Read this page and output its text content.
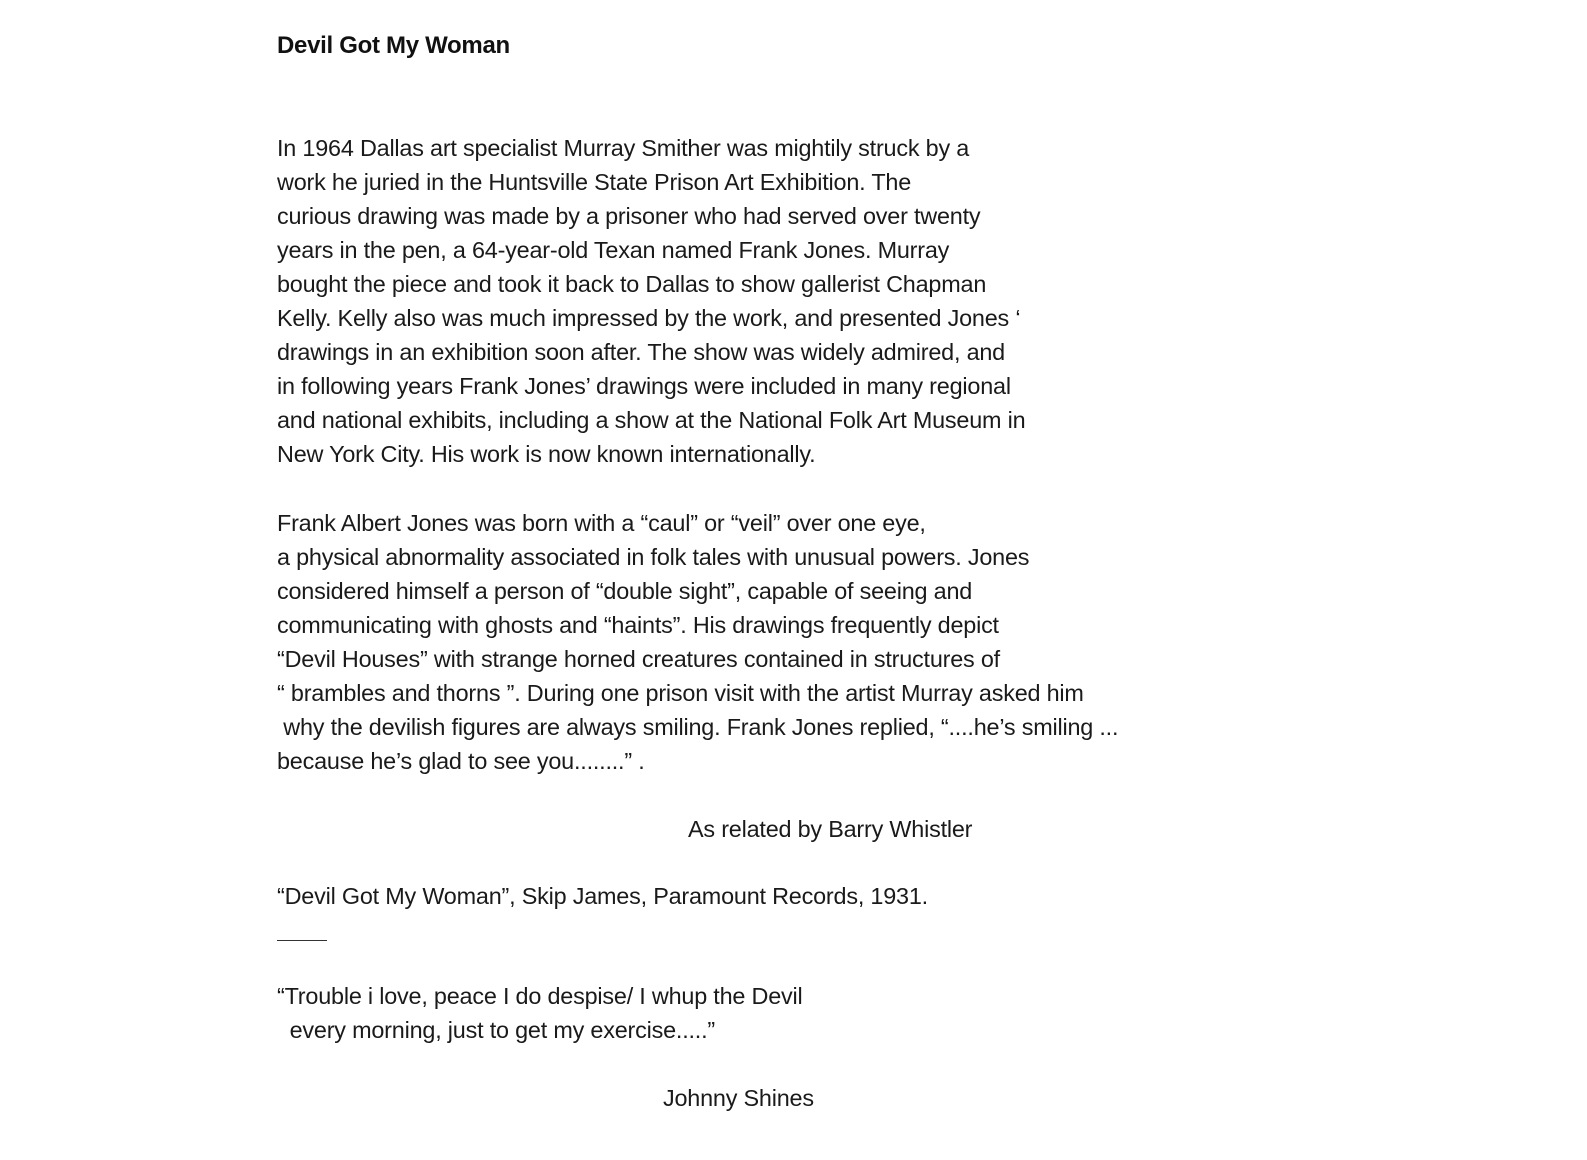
Devil Got My Woman
In 1964 Dallas art specialist Murray Smither was mightily struck by a
work he juried in the Huntsville State Prison Art Exhibition. The
curious drawing was made by a prisoner who had served over twenty
years in the pen, a 64-year-old Texan named Frank Jones. Murray
bought the piece and took it back to Dallas to show gallerist Chapman
Kelly. Kelly also was much impressed by the work, and presented Jones ‘
drawings in an exhibition soon after. The show was widely admired, and
in following years Frank Jones’ drawings were included in many regional
and national exhibits, including a show at the National Folk Art Museum in
New York City. His work is now known internationally.
Frank Albert Jones was born with a “caul” or “veil” over one eye,
a physical abnormality associated in folk tales with unusual powers. Jones
considered himself a person of “double sight”, capable of seeing and
communicating with ghosts and “haints”. His drawings frequently depict
“Devil Houses” with strange horned creatures contained in structures of
“ brambles and thorns ”. During one prison visit with the artist Murray asked him
why the devilish figures are always smiling. Frank Jones replied, “....he’s smiling ...
because he’s glad to see you........” .
As related by Barry Whistler
“Devil Got My Woman”, Skip James, Paramount Records, 1931.
“Trouble i love, peace I do despise/ I whup the Devil
every morning, just to get my exercise.....”
Johnny Shines
